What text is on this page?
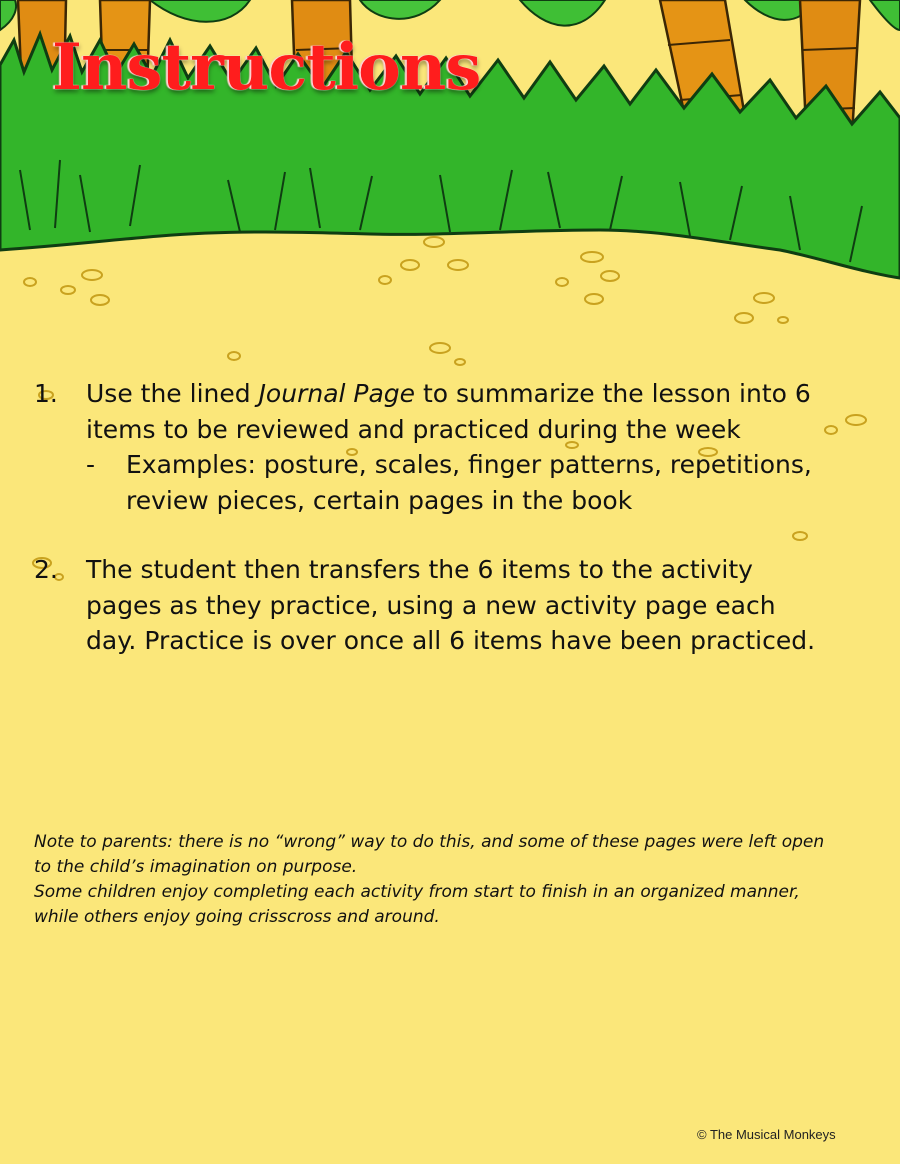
Instructions
1.	Use the lined Journal Page to summarize the lesson into 6 items to be reviewed and practiced during the week
-	Examples: posture, scales, finger patterns, repetitions, review pieces, certain pages in the book
2.	The student then transfers the 6 items to the activity pages as they practice, using a new activity page each day. Practice is over once all 6 items have been practiced.

Note to parents: there is no “wrong” way to do this, and some of these pages were left open to the child’s imagination on purpose.
Some children enjoy completing each activity from start to finish in an organized manner, while others enjoy going crisscross and around.

© The Musical Monkeys
